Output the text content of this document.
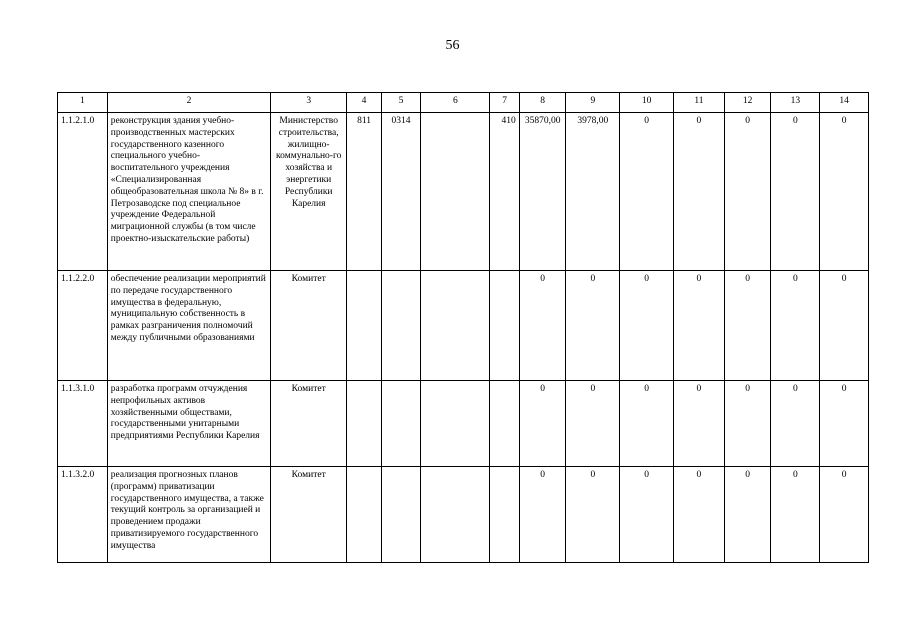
56
1	2	3	4	5	6	7	8	9	10	11	12	13	14
1.1.2.1.0	реконструкция здания учебно-производственных мастерских государственного казенного специального учебно-воспитательного учреждения «Специализированная общеобразовательная школа № 8» в г. Петрозаводске под специальное учреждение Федеральной миграционной службы (в том числе проектно-изыскательские работы)	Министерство строительства, жилищно-коммунально-го хозяйства и энергетики Республики Карелия	811	0314		410	35870,00	3978,00	0	0	0	0	0
1.1.2.2.0	обеспечение реализации мероприятий по передаче государственного имущества в федеральную, муниципальную собственность в рамках разграничения полномочий между публичными образованиями	Комитет					0	0	0	0	0	0	0
1.1.3.1.0	разработка программ отчуждения непрофильных активов хозяйственными обществами, государственными унитарными предприятиями Республики Карелия	Комитет					0	0	0	0	0	0	0
1.1.3.2.0	реализация прогнозных планов (программ) приватизации государственного имущества, а также текущий контроль за организацией и проведением продажи приватизируемого государственного имущества	Комитет					0	0	0	0	0	0	0
